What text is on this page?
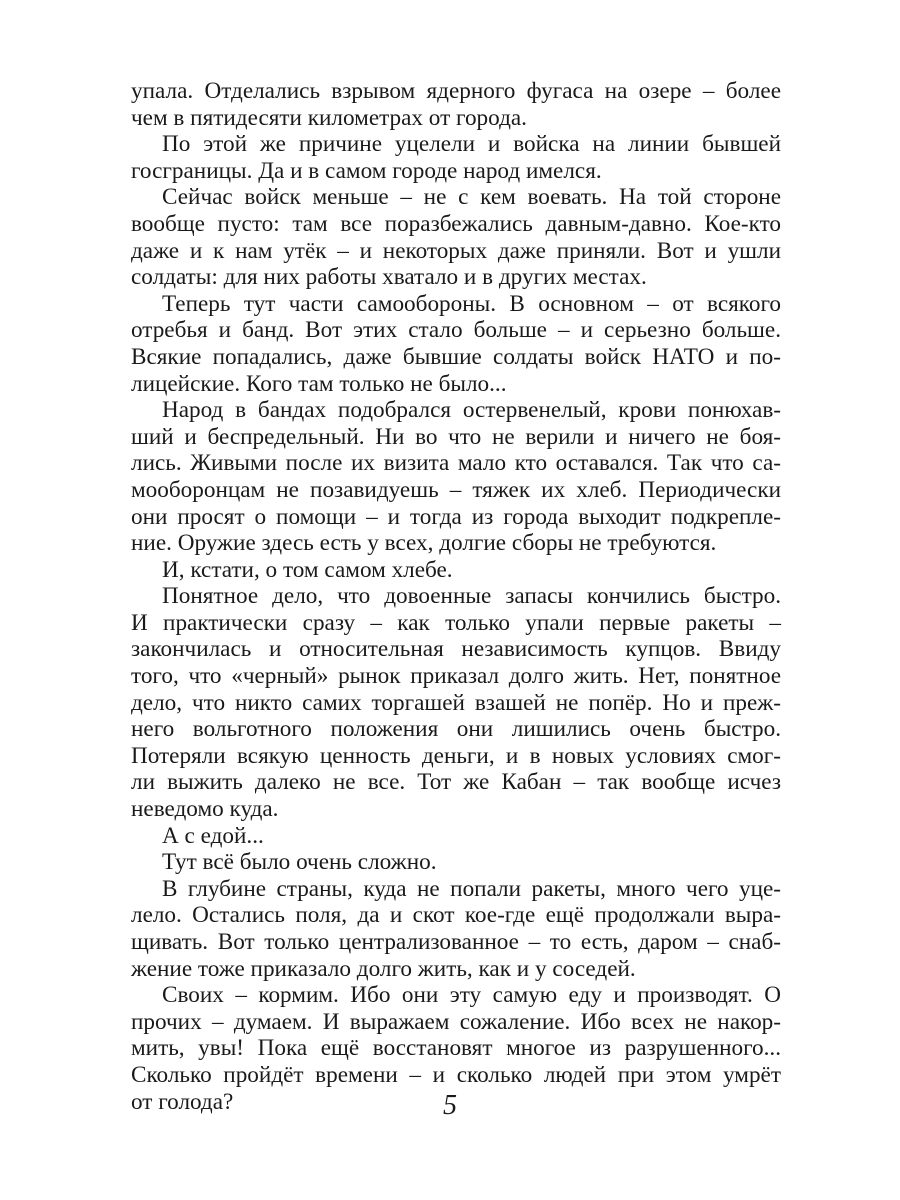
упала. Отделались взрывом ядерного фугаса на озере – более
чем в пятидесяти километрах от города.
По этой же причине уцелели и войска на линии бывшей
госграницы. Да и в самом городе народ имелся.
Сейчас войск меньше – не с кем воевать. На той стороне
вообще пусто: там все поразбежались давным-давно. Кое-кто
даже и к нам утёк – и некоторых даже приняли. Вот и ушли
солдаты: для них работы хватало и в других местах.
Теперь тут части самообороны. В основном – от всякого
отребья и банд. Вот этих стало больше – и серьезно больше.
Всякие попадались, даже бывшие солдаты войск НАТО и по-
лицейские. Кого там только не было...
Народ в бандах подобрался остервенелый, крови понюхав-
ший и беспредельный. Ни во что не верили и ничего не боя-
лись. Живыми после их визита мало кто оставался. Так что са-
мооборонцам не позавидуешь – тяжек их хлеб. Периодически
они просят о помощи – и тогда из города выходит подкрепле-
ние. Оружие здесь есть у всех, долгие сборы не требуются.
И, кстати, о том самом хлебе.
Понятное дело, что довоенные запасы кончились быстро.
И практически сразу – как только упали первые ракеты –
закончилась и относительная независимость купцов. Ввиду
того, что «черный» рынок приказал долго жить. Нет, понятное
дело, что никто самих торгашей взашей не попёр. Но и преж-
него вольготного положения они лишились очень быстро.
Потеряли всякую ценность деньги, и в новых условиях смог-
ли выжить далеко не все. Тот же Кабан – так вообще исчез
неведомо куда.
А с едой...
Тут всё было очень сложно.
В глубине страны, куда не попали ракеты, много чего уце-
лело. Остались поля, да и скот кое-где ещё продолжали выра-
щивать. Вот только централизованное – то есть, даром – снаб-
жение тоже приказало долго жить, как и у соседей.
Своих – кормим. Ибо они эту самую еду и производят. О
прочих – думаем. И выражаем сожаление. Ибо всех не накор-
мить, увы! Пока ещё восстановят многое из разрушенного...
Сколько пройдёт времени – и сколько людей при этом умрёт
от голода?	5
